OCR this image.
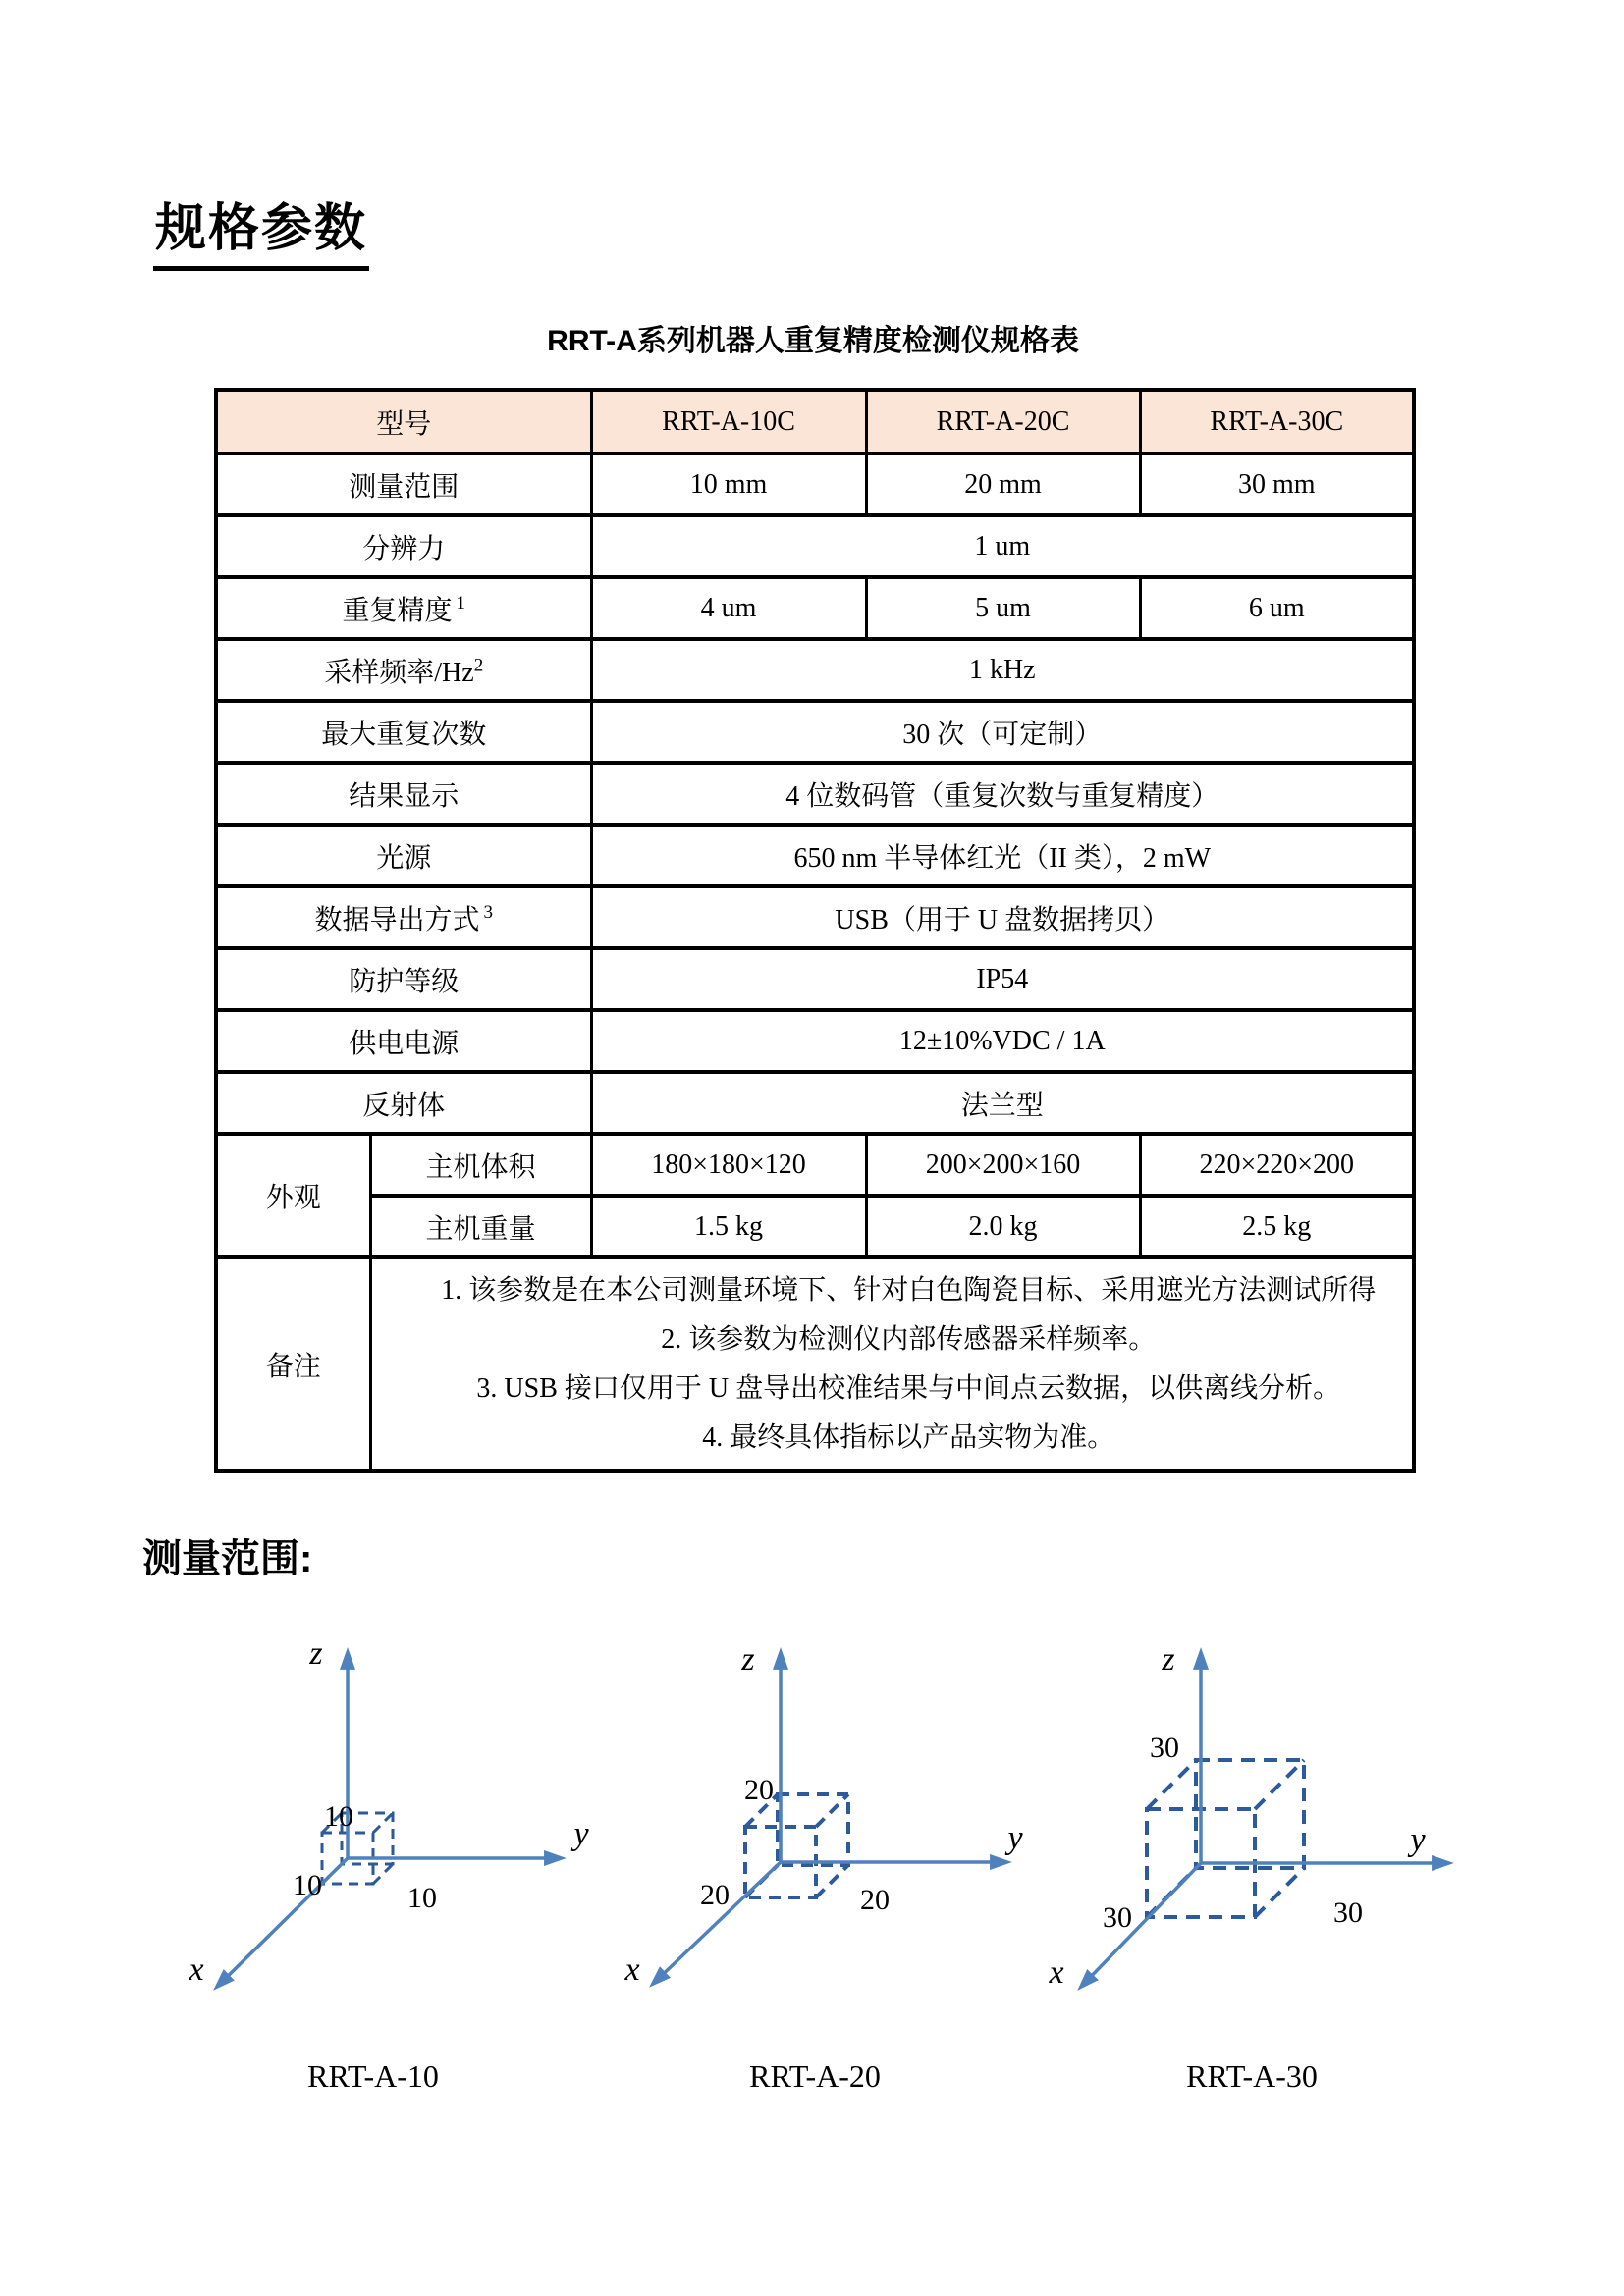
规格参数
RRT-A系列机器人重复精度检测仪规格表
型号		RRT-A-10C	RRT-A-20C	RRT-A-30C
测量范围		10 mm	20 mm	30 mm
分辨力		1 um		
重复精度 $^1$		4 um	5 um	6 um
采样频率/Hz$^2$		1 kHz		
最大重复次数		30 次（可定制）		
结果显示		4 位数码管（重复次数与重复精度）		
光源		650 nm 半导体红光（II 类），2 mW		
数据导出方式 $^3$		USB（用于 U 盘数据拷贝）		
防护等级		IP54		
供电电源		12±10%VDC / 1A		
反射体		法兰型		
外观	主机体积	180×180×120	200×200×160	220×220×200
	主机重量	1.5 kg	2.0 kg	2.5 kg
备注	1. 该参数是在本公司测量环境下、针对白色陶瓷目标、采用遮光方法测试所得
2. 该参数为检测仪内部传感器采样频率。
3. USB 接口仅用于 U 盘导出校准结果与中间点云数据，以供离线分析。
4. 最终具体指标以产品实物为准。			
测量范围:
z
y
x
10
10	10
RRT-A-10
z
y
x
20
20	20
RRT-A-20
z
y
x
30
30	30
RRT-A-30
